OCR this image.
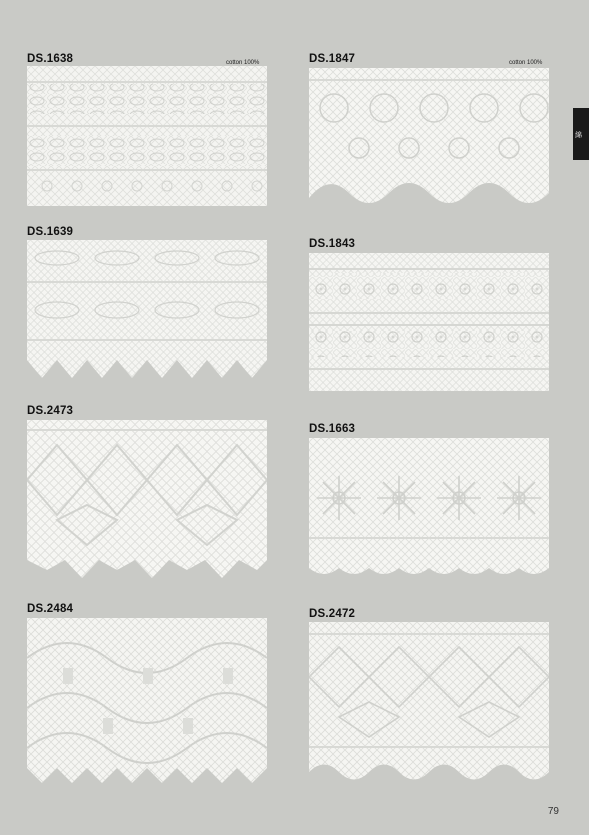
綿
DS.1638	cotton 100%
DS.1639
DS.2473
DS.2484
DS.1847	cotton 100%
DS.1843
DS.1663
DS.2472
79
